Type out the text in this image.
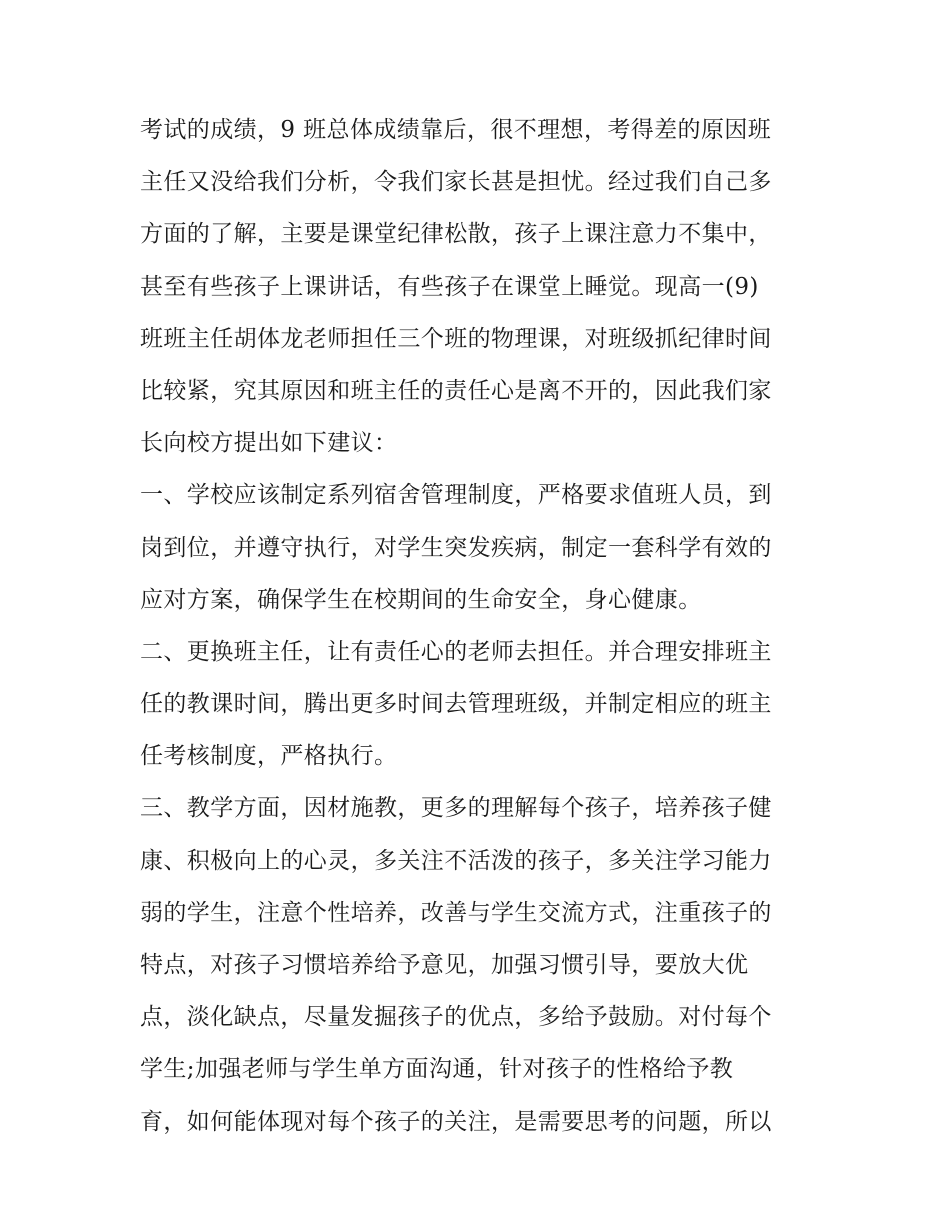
考试的成绩，9 班总体成绩靠后，很不理想，考得差的原因班
主任又没给我们分析，令我们家长甚是担忧。经过我们自己多
方面的了解，主要是课堂纪律松散，孩子上课注意力不集中，
甚至有些孩子上课讲话，有些孩子在课堂上睡觉。现高一(9)
班班主任胡体龙老师担任三个班的物理课，对班级抓纪律时间
比较紧，究其原因和班主任的责任心是离不开的，因此我们家
长向校方提出如下建议：
一、学校应该制定系列宿舍管理制度，严格要求值班人员，到
岗到位，并遵守执行，对学生突发疾病，制定一套科学有效的
应对方案，确保学生在校期间的生命安全，身心健康。
二、更换班主任，让有责任心的老师去担任。并合理安排班主
任的教课时间，腾出更多时间去管理班级，并制定相应的班主
任考核制度，严格执行。
三、教学方面，因材施教，更多的理解每个孩子，培养孩子健
康、积极向上的心灵，多关注不活泼的孩子，多关注学习能力
弱的学生，注意个性培养，改善与学生交流方式，注重孩子的
特点，对孩子习惯培养给予意见，加强习惯引导，要放大优
点，淡化缺点，尽量发掘孩子的优点，多给予鼓励。对付每个
学生;加强老师与学生单方面沟通，针对孩子的性格给予教
育，如何能体现对每个孩子的关注，是需要思考的问题，所以
